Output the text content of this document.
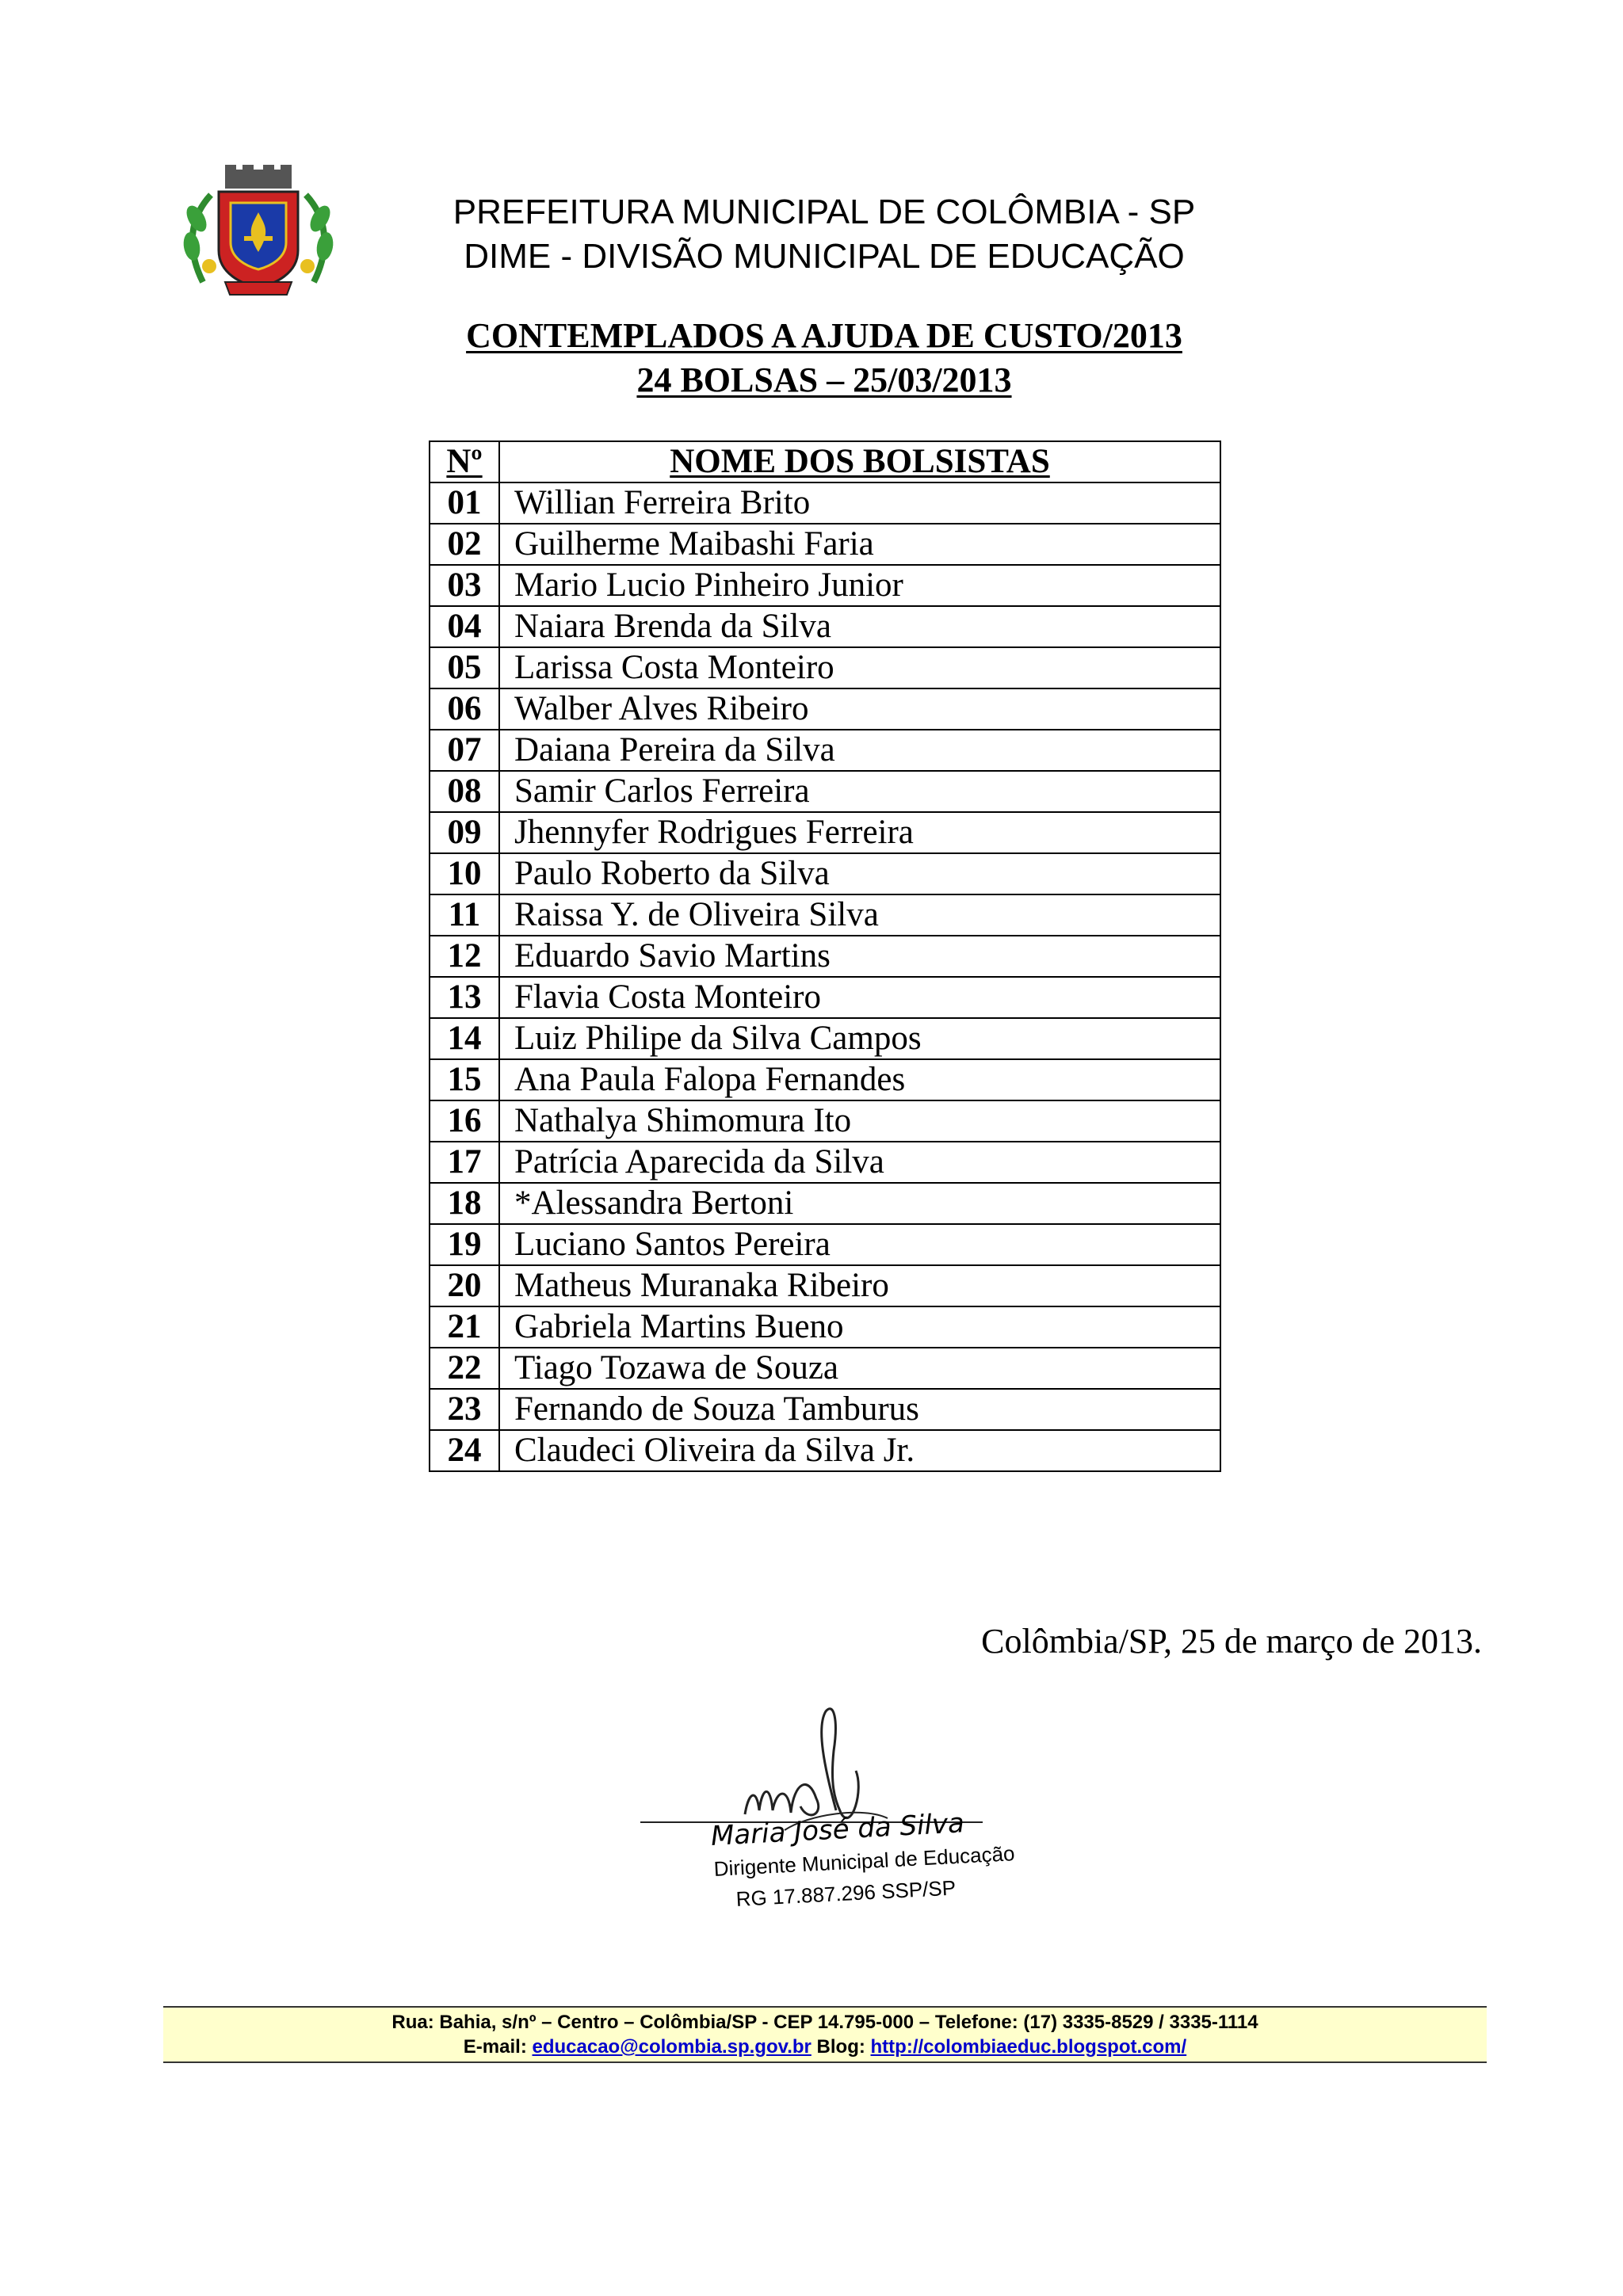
PREFEITURA MUNICIPAL DE COLÔMBIA - SP
DIME - DIVISÃO MUNICIPAL DE EDUCAÇÃO
CONTEMPLADOS A AJUDA DE CUSTO/2013
24 BOLSAS – 25/03/2013
Nº	NOME DOS BOLSISTAS
01	Willian Ferreira Brito
02	Guilherme Maibashi Faria
03	Mario Lucio Pinheiro Junior
04	Naiara Brenda da Silva
05	Larissa Costa Monteiro
06	Walber Alves Ribeiro
07	Daiana Pereira da Silva
08	Samir Carlos Ferreira
09	Jhennyfer Rodrigues Ferreira
10	Paulo Roberto da Silva
11	Raissa Y. de Oliveira Silva
12	Eduardo Savio Martins
13	Flavia Costa Monteiro
14	Luiz Philipe da Silva Campos
15	Ana Paula Falopa Fernandes
16	Nathalya Shimomura Ito
17	Patrícia Aparecida da Silva
18	*Alessandra Bertoni
19	Luciano Santos Pereira
20	Matheus Muranaka Ribeiro
21	Gabriela Martins Bueno
22	Tiago Tozawa de Souza
23	Fernando de Souza Tamburus
24	Claudeci Oliveira da Silva Jr.
Colômbia/SP, 25 de março de 2013.
Maria José da Silva
Dirigente Municipal de Educação
RG 17.887.296 SSP/SP
Rua: Bahia, s/nº – Centro – Colômbia/SP - CEP 14.795-000 – Telefone: (17) 3335-8529 / 3335-1114
E-mail: educacao@colombia.sp.gov.br Blog: http://colombiaeduc.blogspot.com/
